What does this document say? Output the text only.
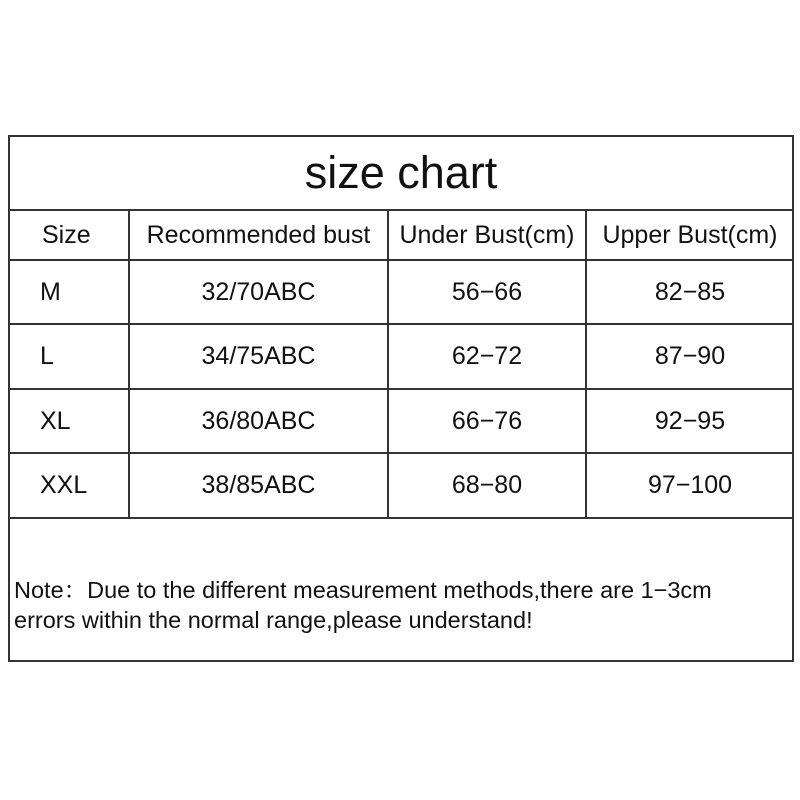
size chart
Size	Recommended bust	Under Bust(cm)	Upper Bust(cm)
M	32/70ABC	56−66	82−85
L	34/75ABC	62−72	87−90
XL	36/80ABC	66−76	92−95
XXL	38/85ABC	68−80	97−100
Note：Due to the different measurement methods,there are 1−3cm
errors within the normal range,please understand!
